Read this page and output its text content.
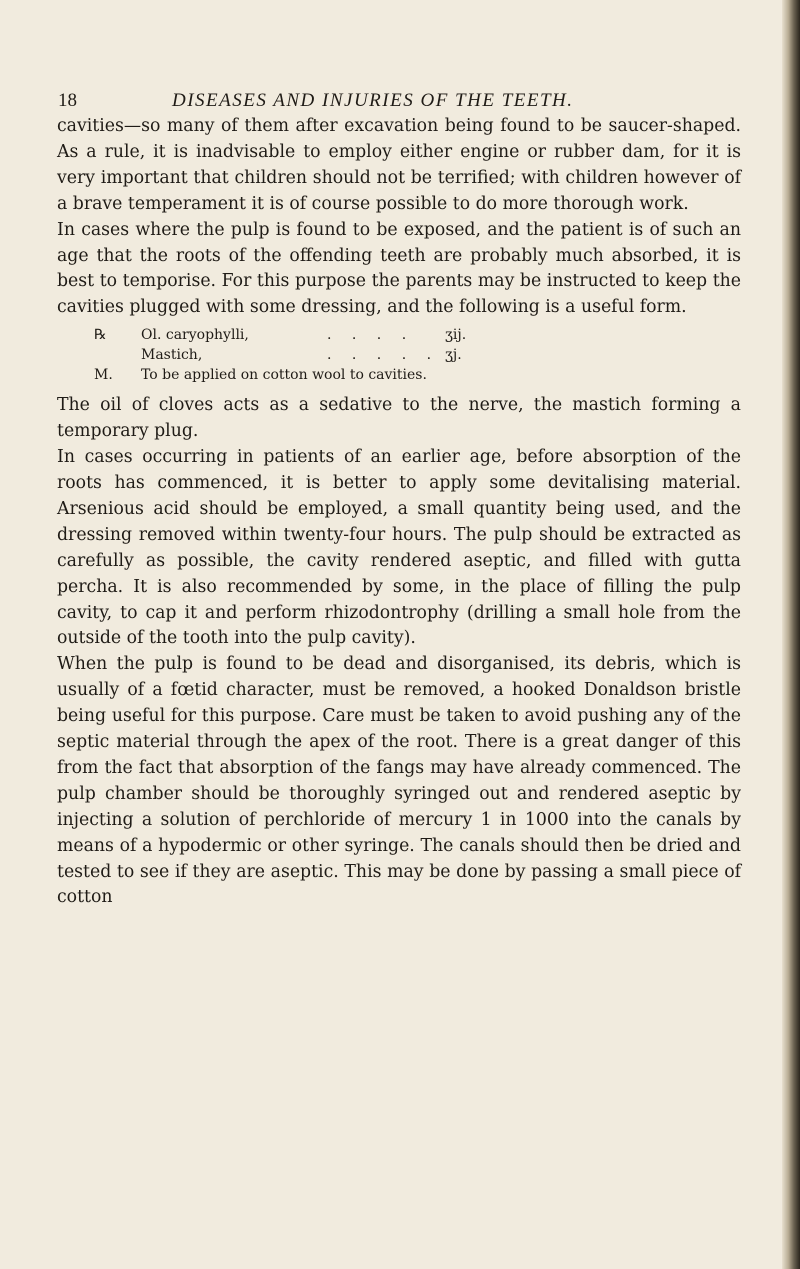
18	DISEASES AND INJURIES OF THE TEETH.

cavities—so many of them after excavation being found to be saucer-shaped. As a rule, it is inadvisable to employ either engine or rubber dam, for it is very important that children should not be terrified; with children however of a brave temperament it is of course possible to do more thorough work.

In cases where the pulp is found to be exposed, and the patient is of such an age that the roots of the offending teeth are probably much absorbed, it is best to temporise. For this purpose the parents may be instructed to keep the cavities plugged with some dressing, and the following is a useful form.

℞ Ol. caryophylli,	. . . . ʒij.
Mastich,	. . . . . ʒj.
M. To be applied on cotton wool to cavities.

The oil of cloves acts as a sedative to the nerve, the mastich forming a temporary plug.

In cases occurring in patients of an earlier age, before absorption of the roots has commenced, it is better to apply some devitalising material. Arsenious acid should be employed, a small quantity being used, and the dressing removed within twenty-four hours. The pulp should be extracted as carefully as possible, the cavity rendered aseptic, and filled with gutta percha. It is also recommended by some, in the place of filling the pulp cavity, to cap it and perform rhizodontrophy (drilling a small hole from the outside of the tooth into the pulp cavity).

When the pulp is found to be dead and disorganised, its debris, which is usually of a fœtid character, must be removed, a hooked Donaldson bristle being useful for this purpose. Care must be taken to avoid pushing any of the septic material through the apex of the root. There is a great danger of this from the fact that absorption of the fangs may have already commenced. The pulp chamber should be thoroughly syringed out and rendered aseptic by injecting a solution of perchloride of mercury 1 in 1000 into the canals by means of a hypodermic or other syringe. The canals should then be dried and tested to see if they are aseptic. This may be done by passing a small piece of cotton
